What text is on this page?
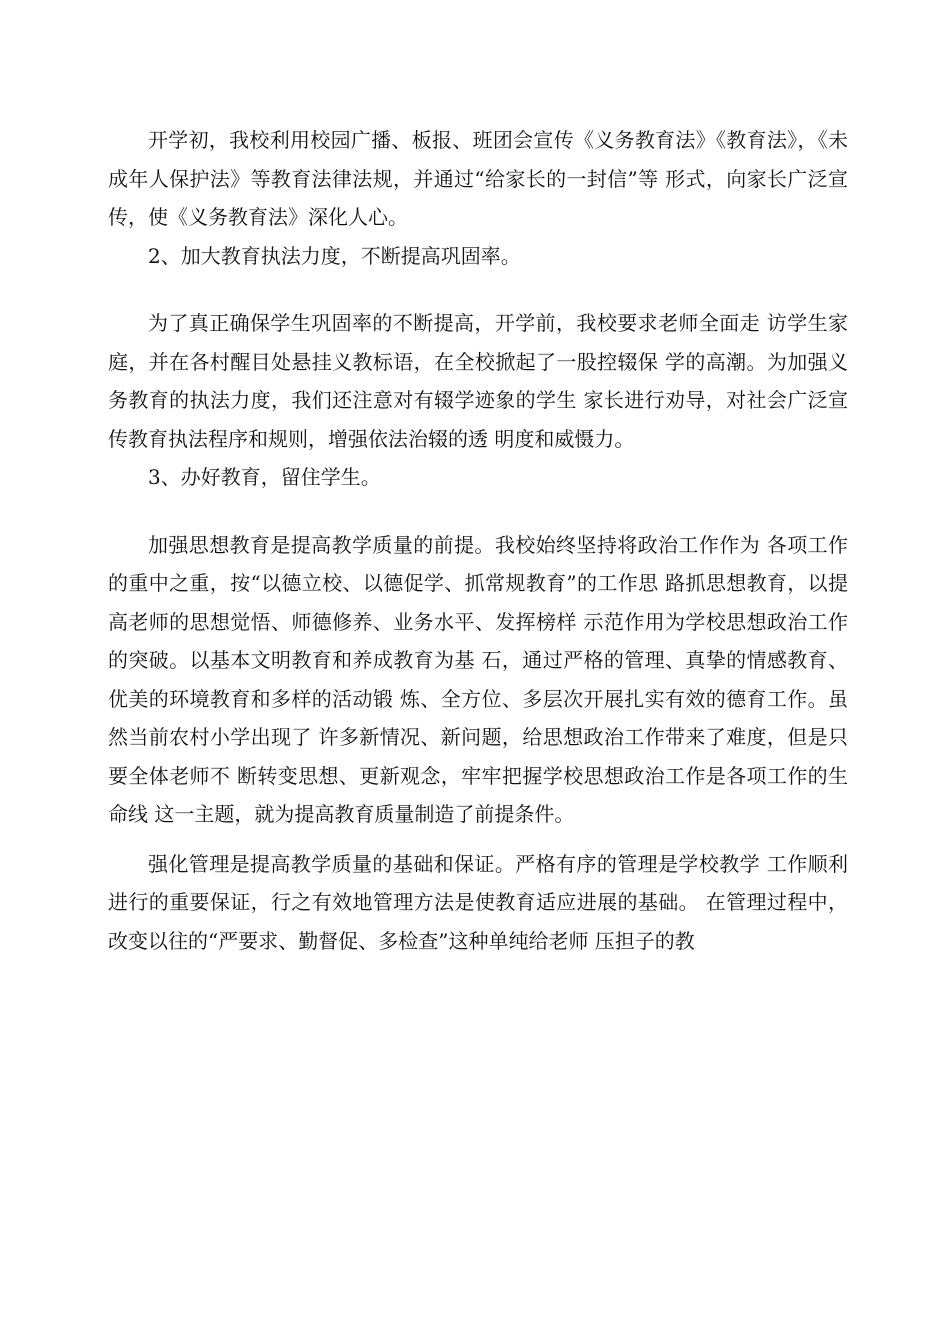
开学初，我校利用校园广播、板报、班团会宣传《义务教育法》《教育法》，《未成年人保护法》等教育法律法规，并通过“给家长的一封信”等 形式，向家长广泛宣传，使《义务教育法》深化人心。

2、加大教育执法力度，不断提高巩固率。

为了真正确保学生巩固率的不断提高，开学前，我校要求老师全面走 访学生家庭，并在各村醒目处悬挂义教标语，在全校掀起了一股控辍保 学的高潮。为加强义务教育的执法力度，我们还注意对有辍学迹象的学生 家长进行劝导，对社会广泛宣传教育执法程序和规则，增强依法治辍的透 明度和威慑力。

3、办好教育，留住学生。

加强思想教育是提高教学质量的前提。我校始终坚持将政治工作作为 各项工作的重中之重，按“以德立校、以德促学、抓常规教育”的工作思 路抓思想教育，以提高老师的思想觉悟、师德修养、业务水平、发挥榜样 示范作用为学校思想政治工作的突破。以基本文明教育和养成教育为基 石，通过严格的管理、真挚的情感教育、优美的环境教育和多样的活动锻 炼、全方位、多层次开展扎实有效的德育工作。虽然当前农村小学出现了 许多新情况、新问题，给思想政治工作带来了难度，但是只要全体老师不 断转变思想、更新观念，牢牢把握学校思想政治工作是各项工作的生命线 这一主题，就为提高教育质量制造了前提条件。

强化管理是提高教学质量的基础和保证。严格有序的管理是学校教学 工作顺利进行的重要保证，行之有效地管理方法是使教育适应进展的基础。 在管理过程中，改变以往的“严要求、勤督促、多检查”这种单纯给老师 压担子的教
